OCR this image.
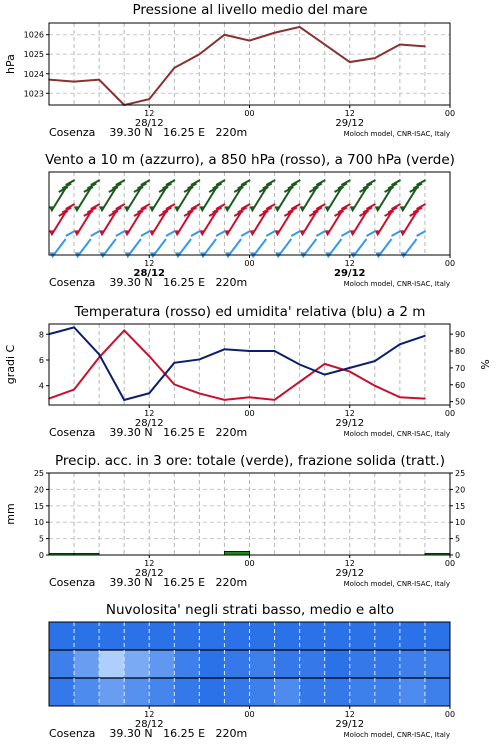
Pressione al livello medio del mare
1023
1024
1025
1026
hPa
12	00	12	00
28/12	29/12
Cosenza    39.30 N   16.25 E   220m	Moloch model, CNR-ISAC, Italy
Vento a 10 m (azzurro), a 850 hPa (rosso), a 700 hPa (verde)
12	00	12	00
28/12	29/12
Cosenza    39.30 N   16.25 E   220m	Moloch model, CNR-ISAC, Italy
Temperatura (rosso) ed umidita' relativa (blu) a 2 m
4
6
8
50
60
70
80
90
gradi C	%
12	00	12	00
28/12	29/12
Cosenza    39.30 N   16.25 E   220m	Moloch model, CNR-ISAC, Italy
Precip. acc. in 3 ore: totale (verde), frazione solida (tratt.)
0
5
10
15
20
25
0
5
10
15
20
25
mm
12	00	12	00
28/12	29/12
Cosenza    39.30 N   16.25 E   220m	Moloch model, CNR-ISAC, Italy
Nuvolosita' negli strati basso, medio e alto
12	00	12	00
28/12	29/12
Cosenza    39.30 N   16.25 E   220m	Moloch model, CNR-ISAC, Italy
